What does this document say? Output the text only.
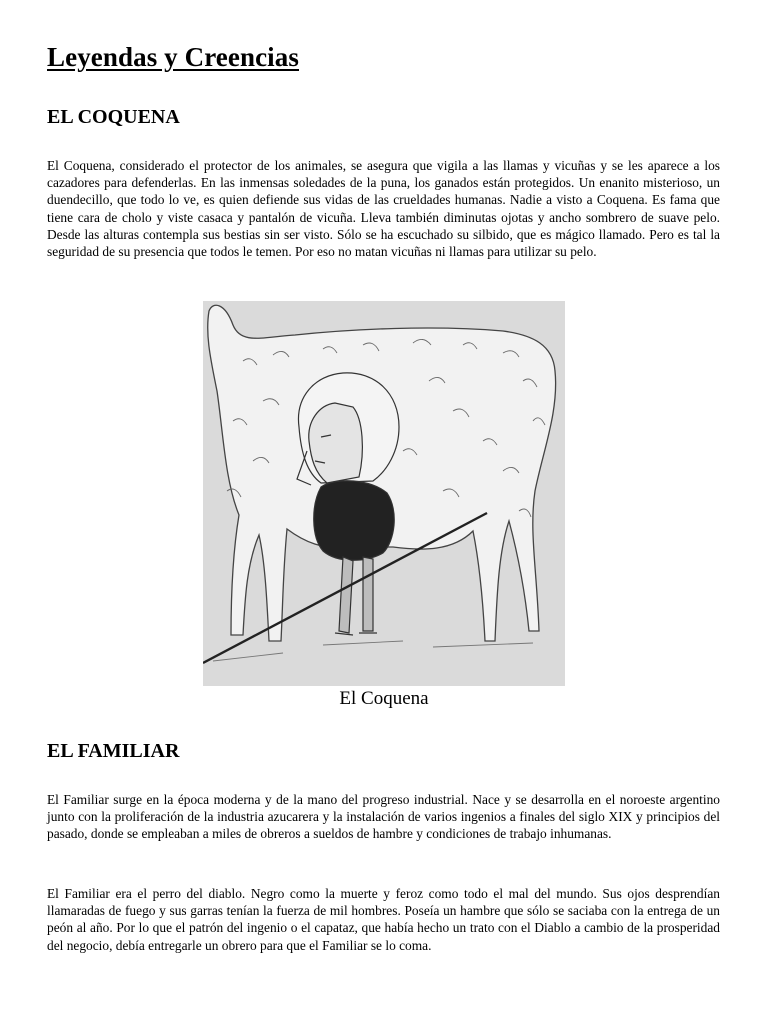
Leyendas y Creencias
EL COQUENA

El Coquena, considerado el protector de los animales, se asegura que vigila a las llamas y vicuñas y se les aparece a los cazadores para defenderlas. En las inmensas soledades de la puna, los ganados están protegidos. Un enanito misterioso, un duendecillo, que todo lo ve, es quien defiende sus vidas de las crueldades humanas. Nadie a visto a Coquena. Es fama que tiene cara de cholo y viste casaca y pantalón de vicuña. Lleva también diminutas ojotas y ancho sombrero de suave pelo. Desde las alturas contempla sus bestias sin ser visto. Sólo se ha escuchado su silbido, que es mágico llamado. Pero es tal la seguridad de su presencia que todos le temen. Por eso no matan vicuñas ni llamas para utilizar su pelo.

El Coquena
EL FAMILIAR

El Familiar surge en la época moderna y de la mano del progreso industrial. Nace y se desarrolla en el noroeste argentino junto con la proliferación de la industria azucarera y la instalación de varios ingenios a finales del siglo XIX y principios del pasado, donde se empleaban a miles de obreros a sueldos de hambre y condiciones de trabajo inhumanas.

El Familiar era el perro del diablo. Negro como la muerte y feroz como todo el mal del mundo. Sus ojos desprendían llamaradas de fuego y sus garras tenían la fuerza de mil hombres. Poseía un hambre que sólo se saciaba con la entrega de un peón al año. Por lo que el patrón del ingenio o el capataz, que había hecho un trato con el Diablo a cambio de la prosperidad del negocio, debía entregarle un obrero para que el Familiar se lo coma.
